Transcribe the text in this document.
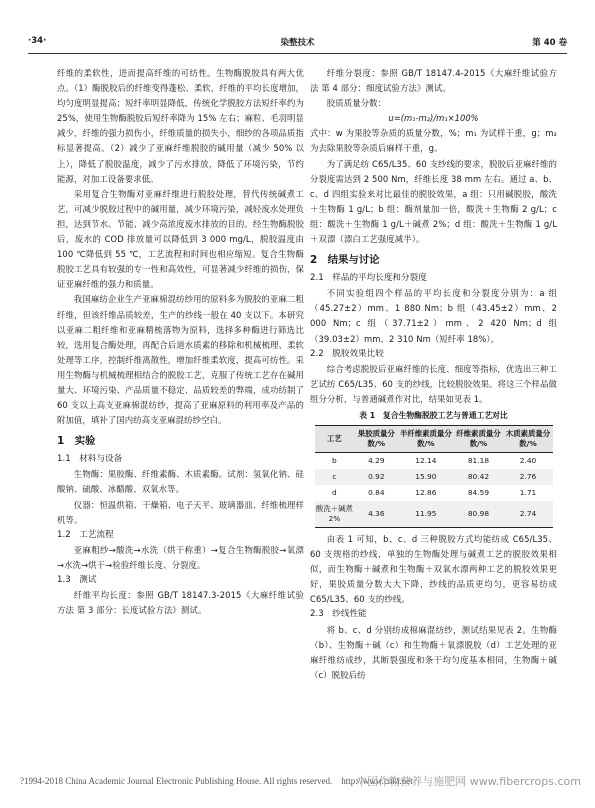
·34·	染整技术	第 40 卷

纤维的柔软性，进而提高纤维的可纺性。生物酶脱胶具有两大优点。（1）酶脱胶后的纤维变得蓬松、柔软，纤维的平均长度增加，均匀度明显提高；短纤率明显降低，传统化学脱胶方法短纤率约为 25%，使用生物酶脱胶后短纤率降为 15% 左右；麻粒、毛羽明显减少，纤维的强力损伤小，纤维质量的损失小，细纱的各项品质指标显著提高。（2）减少了亚麻纤维脱胶的碱用量（减少 50% 以上），降低了脱胶温度，减少了污水排放，降低了环境污染，节约能源，对加工设备要求低。

采用复合生物酶对亚麻纤维进行脱胶处理，替代传统碱煮工艺，可减少脱胶过程中的碱用量，减少环境污染，减轻废水处理负担，达到节水、节能、减少高浓度废水排放的目的。经生物酶脱胶后，废水的 COD 排放量可以降低到 3 000 mg/L，脱胶温度由 100 ℃降低到 55 ℃，工艺流程和时间也相应缩短。复合生物酶脱胶工艺具有较强的专一性和高效性，可显著减少纤维的损伤，保证亚麻纤维的强力和质量。

我国麻纺企业生产亚麻棉混纺纱用的原料多为脱胶的亚麻二粗纤维，但该纤维品质较差，生产的纱线一般在 40 支以下。本研究以亚麻二粗纤维和亚麻精梳落物为原料，选择多种酶进行筛选比较，选用复合酶处理，再配合后道水质素的移除和机械梳理、柔软处理等工序，控制纤维离散性，增加纤维柔软度，提高可纺性。采用生物酶与机械梳理相结合的脱胶工艺，克服了传统工艺存在碱用量大、环境污染、产品质量不稳定、品质较差的弊端，成功纺制了 60 支以上高支亚麻棉混纺纱，提高了亚麻原料的利用率及产品的附加值，填补了国内纺高支亚麻混纺纱空白。

1　实验
1.1　材料与设备

生物酶：果胶酶、纤维素酶、木质素酶。试剂：氢氧化钠、硅酸钠、硫酸、冰醋酸、双氧水等。

仪器：恒温烘箱、干燥箱、电子天平、玻璃器皿、纤维梳理样机等。

1.2　工艺流程

亚麻粗纱→酸洗→水洗（烘干称重）→复合生物酶脱胶→氧漂→水洗→烘干→检验纤维长度、分裂度。

1.3　测试

纤维平均长度：参照 GB/T 18147.3-2015《大麻纤维试验方法 第 3 部分：长度试验方法》测试。

纤维分裂度：参照 GB/T 18147.4-2015《大麻纤维试验方法 第 4 部分：细度试验方法》测试。

胶质质量分数：

u=(m₁-m₂)/m₁×100%

式中：w 为果胶等杂质的质量分数，%；m₁ 为试样干重，g；m₂ 为去除果胶等杂质后麻样干重，g。

为了满足纺 C65/L35、60 支纱线的要求，脱胶后亚麻纤维的分裂度需达到 2 500 Nm，纤维长度 38 mm 左右。通过 a、b、c、d 四组实验来对比最佳的脱胶效果，a 组：只用碱脱胶，酸洗＋生物酶 1 g/L；b 组：酶剂量加一倍，酸洗＋生物酶 2 g/L；c 组：酸洗＋生物酶 1 g/L＋碱煮 2%；d 组：酸洗＋生物酶 1 g/L＋双漂（漂白工艺强度减半）。

2　结果与讨论
2.1　样品的平均长度和分裂度

不同实验组四个样品的平均长度和分裂度分别为：a 组（45.27±2）mm、1 880 Nm；b 组（43.45±2）mm、2 000 Nm；c 组（37.71±2）mm、2 420 Nm；d 组（39.03±2）mm、2 310 Nm（短纤率 18%）。

2.2　脱胶效果比较

综合考虑脱胶后亚麻纤维的长度、细度等指标，优选出三种工艺试纺 C65/L35、60 支的纱线，比较脱胶效果。将这三个样品做组分分析，与普通碱煮作对比，结果如见表 1。

表 1　复合生物酶脱胶工艺与普通工艺对比
工艺	果胶质量分数/%	半纤维素质量分数/%	纤维素质量分数/%	木质素质量分数/%
b	4.29	12.14	81.18	2.40
c	0.92	15.90	80.42	2.76
d	0.84	12.86	84.59	1.71
酸洗＋碱煮 2%	4.36	11.95	80.98	2.74

由表 1 可知，b、c、d 三种脱胶方式均能纺成 C65/L35、60 支规格的纱线，单独的生物酶处理与碱煮工艺的脱胶效果相似，而生物酶＋碱煮和生物酶＋双氧水漂两种工艺的脱胶效果更好，果胶质量分数大大下降，纱线的品质更均匀，更容易纺成 C65/L35、60 支的纱线。

2.3　纱线性能

将 b、c、d 分别纺成棉麻混纺纱，测试结果见表 2。生物酶（b）、生物酶＋碱（c）和生物酶＋氧漂脱胶（d）工艺处理的亚麻纤维纺成纱，其断裂强度和条干均匀度基本相同，生物酶＋碱（c）脱胶后纺

?1994-2018 China Academic Journal Electronic Publishing House. All rights reserved.　http://www.cnki.net
中国作物营养与施肥网 www.fibercrops.com
